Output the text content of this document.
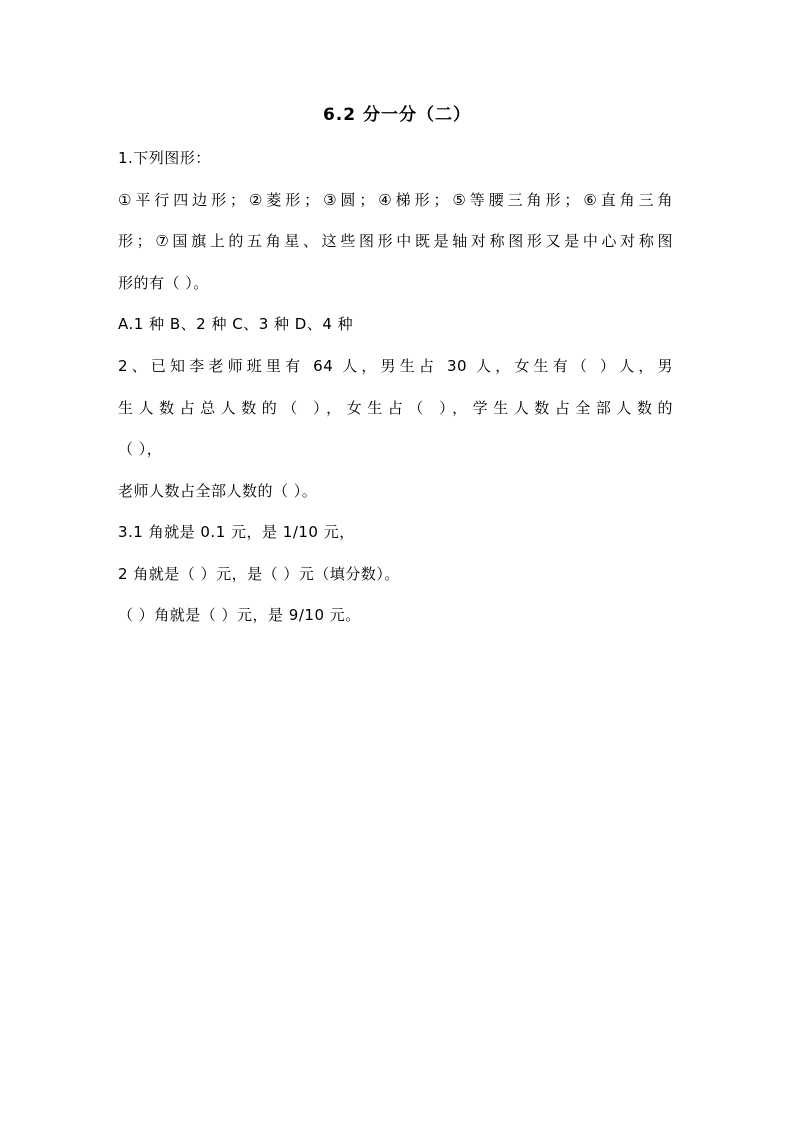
6.2 分一分（二）
1.下列图形：
①平行四边形；②菱形；③圆；④梯形；⑤等腰三角形；⑥直角三角
形；⑦国旗上的五角星、这些图形中既是轴对称图形又是中心对称图
形的有（ ）。
A.1 种 B、2 种 C、3 种 D、4 种
2、已知李老师班里有 64 人，男生占 30 人，女生有（ ）人，男
生人数占总人数的（ ），女生占（ ），学生人数占全部人数的
（ ），
老师人数占全部人数的（ ）。
3.1 角就是 0.1 元，是 1/10 元，
2 角就是（ ）元，是（ ）元（填分数）。
（ ）角就是（ ）元，是 9/10 元。
